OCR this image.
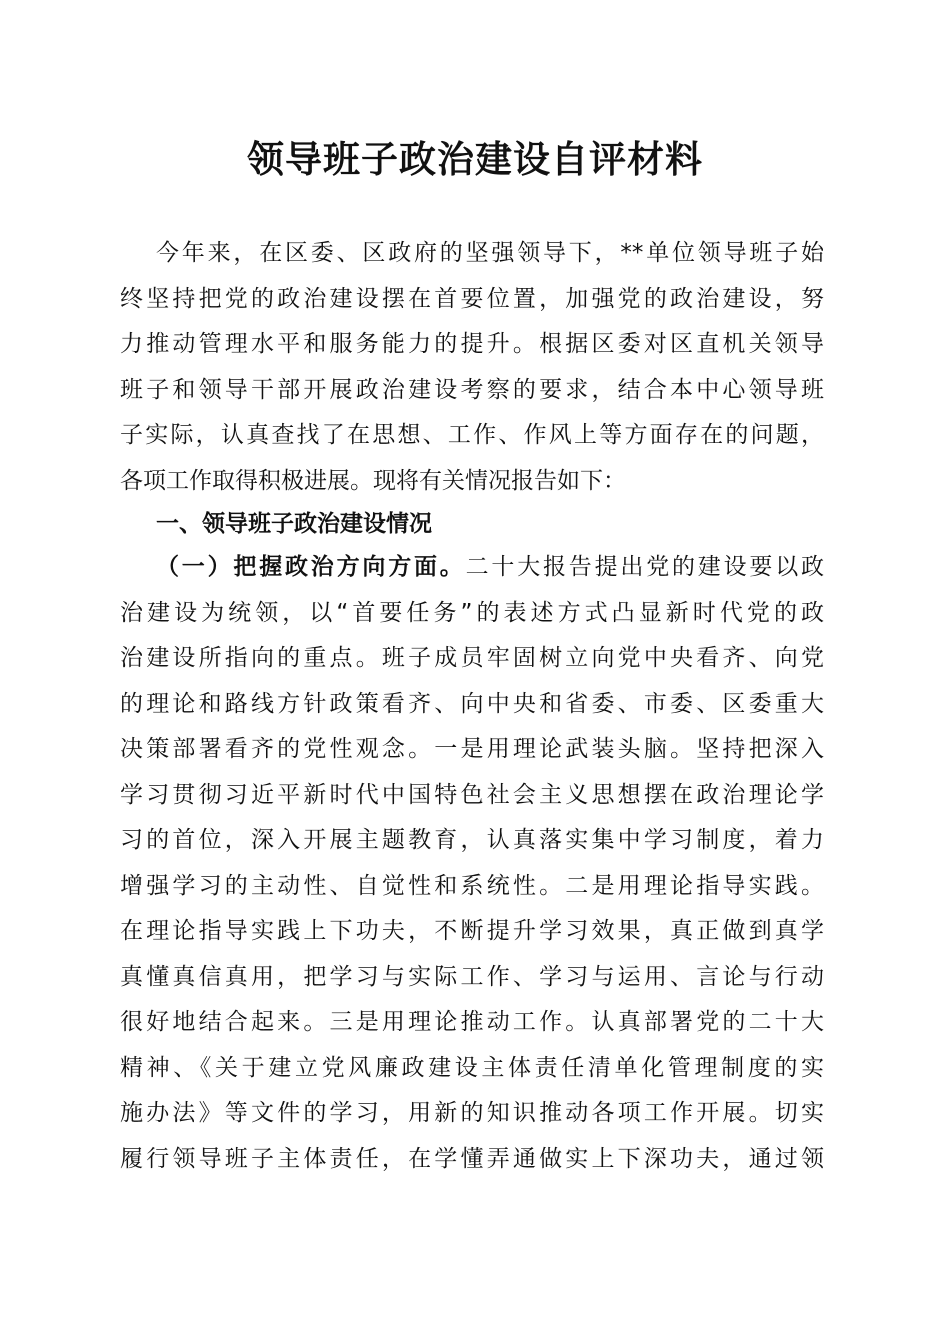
领导班子政治建设自评材料
今年来，在区委、区政府的坚强领导下，**单位领导班子始
终坚持把党的政治建设摆在首要位置，加强党的政治建设，努
力推动管理水平和服务能力的提升。根据区委对区直机关领导
班子和领导干部开展政治建设考察的要求，结合本中心领导班
子实际，认真查找了在思想、工作、作风上等方面存在的问题，
各项工作取得积极进展。现将有关情况报告如下：
一、领导班子政治建设情况
（一）把握政治方向方面。二十大报告提出党的建设要以政
治建设为统领，以“首要任务”的表述方式凸显新时代党的政
治建设所指向的重点。班子成员牢固树立向党中央看齐、向党
的理论和路线方针政策看齐、向中央和省委、市委、区委重大
决策部署看齐的党性观念。一是用理论武装头脑。坚持把深入
学习贯彻习近平新时代中国特色社会主义思想摆在政治理论学
习的首位，深入开展主题教育，认真落实集中学习制度，着力
增强学习的主动性、自觉性和系统性。二是用理论指导实践。
在理论指导实践上下功夫，不断提升学习效果，真正做到真学
真懂真信真用，把学习与实际工作、学习与运用、言论与行动
很好地结合起来。三是用理论推动工作。认真部署党的二十大
精神、《关于建立党风廉政建设主体责任清单化管理制度的实
施办法》等文件的学习，用新的知识推动各项工作开展。切实
履行领导班子主体责任，在学懂弄通做实上下深功夫，通过领
